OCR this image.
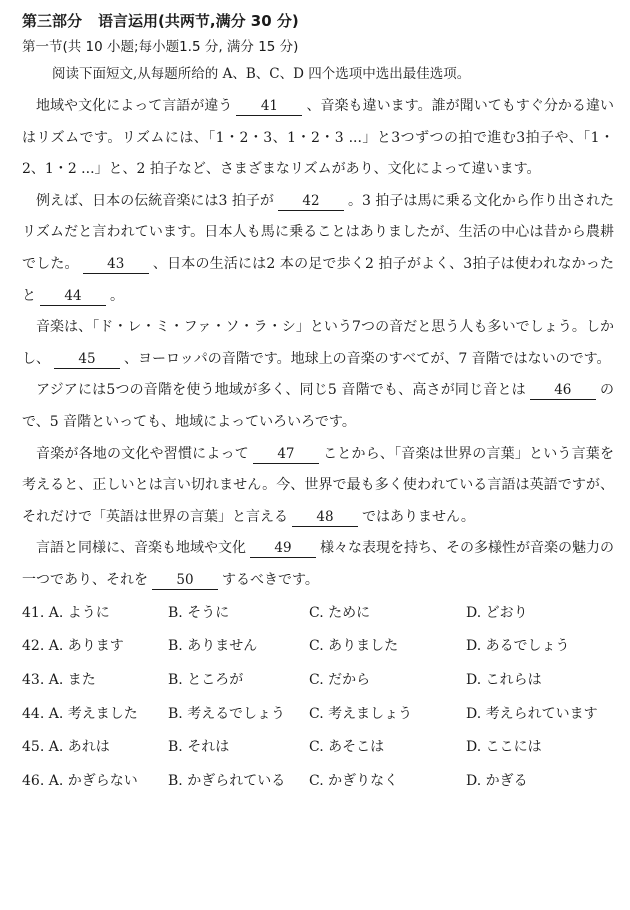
第三部分 语言运用(共两节,满分 30 分)
第一节(共 10 小题;每小题1.5 分, 满分 15 分)
阅读下面短文,从每题所给的 A、B、C、D 四个选项中选出最佳选项。

地域や文化によって言語が違う 41 、音楽も違います。誰が聞いてもすぐ分かる違いはリズムです。リズムには、「1・2・3、1・2・3 ...」と3つずつの拍で進む3拍子や、「1・2、1・2 ...」と、2 拍子など、さまざまなリズムがあり、文化によって違います。

例えば、日本の伝統音楽には3 拍子が 42 。3 拍子は馬に乗る文化から作り出されたリズムだと言われています。日本人も馬に乗ることはありましたが、生活の中心は昔から農耕でした。 43 、日本の生活には2 本の足で歩く2 拍子がよく、3拍子は使われなかったと 44 。

音楽は、「ド・レ・ミ・ファ・ソ・ラ・シ」という7つの音だと思う人も多いでしょう。しかし、 45 、ヨーロッパの音階です。地球上の音楽のすべてが、7 音階ではないのです。

アジアには5つの音階を使う地域が多く、同じ5 音階でも、高さが同じ音とは 46 ので、5 音階といっても、地域によっていろいろです。

音楽が各地の文化や習慣によって 47 ことから、「音楽は世界の言葉」という言葉を考えると、正しいとは言い切れません。今、世界で最も多く使われている言語は英語ですが、それだけで「英語は世界の言葉」と言える 48 ではありません。

言語と同様に、音楽も地域や文化 49 様々な表現を持ち、その多様性が音楽の魅力の一つであり、それを 50 するべきです。

41. A. ように	B. そうに	C. ために	D. どおり
42. A. あります	B. ありません	C. ありました	D. あるでしょう
43. A. また	B. ところが	C. だから	D. これらは
44. A. 考えました B. 考えるでしょう C. 考えましょう	D. 考えられています
45. A. あれは	B. それは	C. あそこは	D. ここには
46. A. かぎらない B. かぎられている C. かぎりなく	D. かぎる
